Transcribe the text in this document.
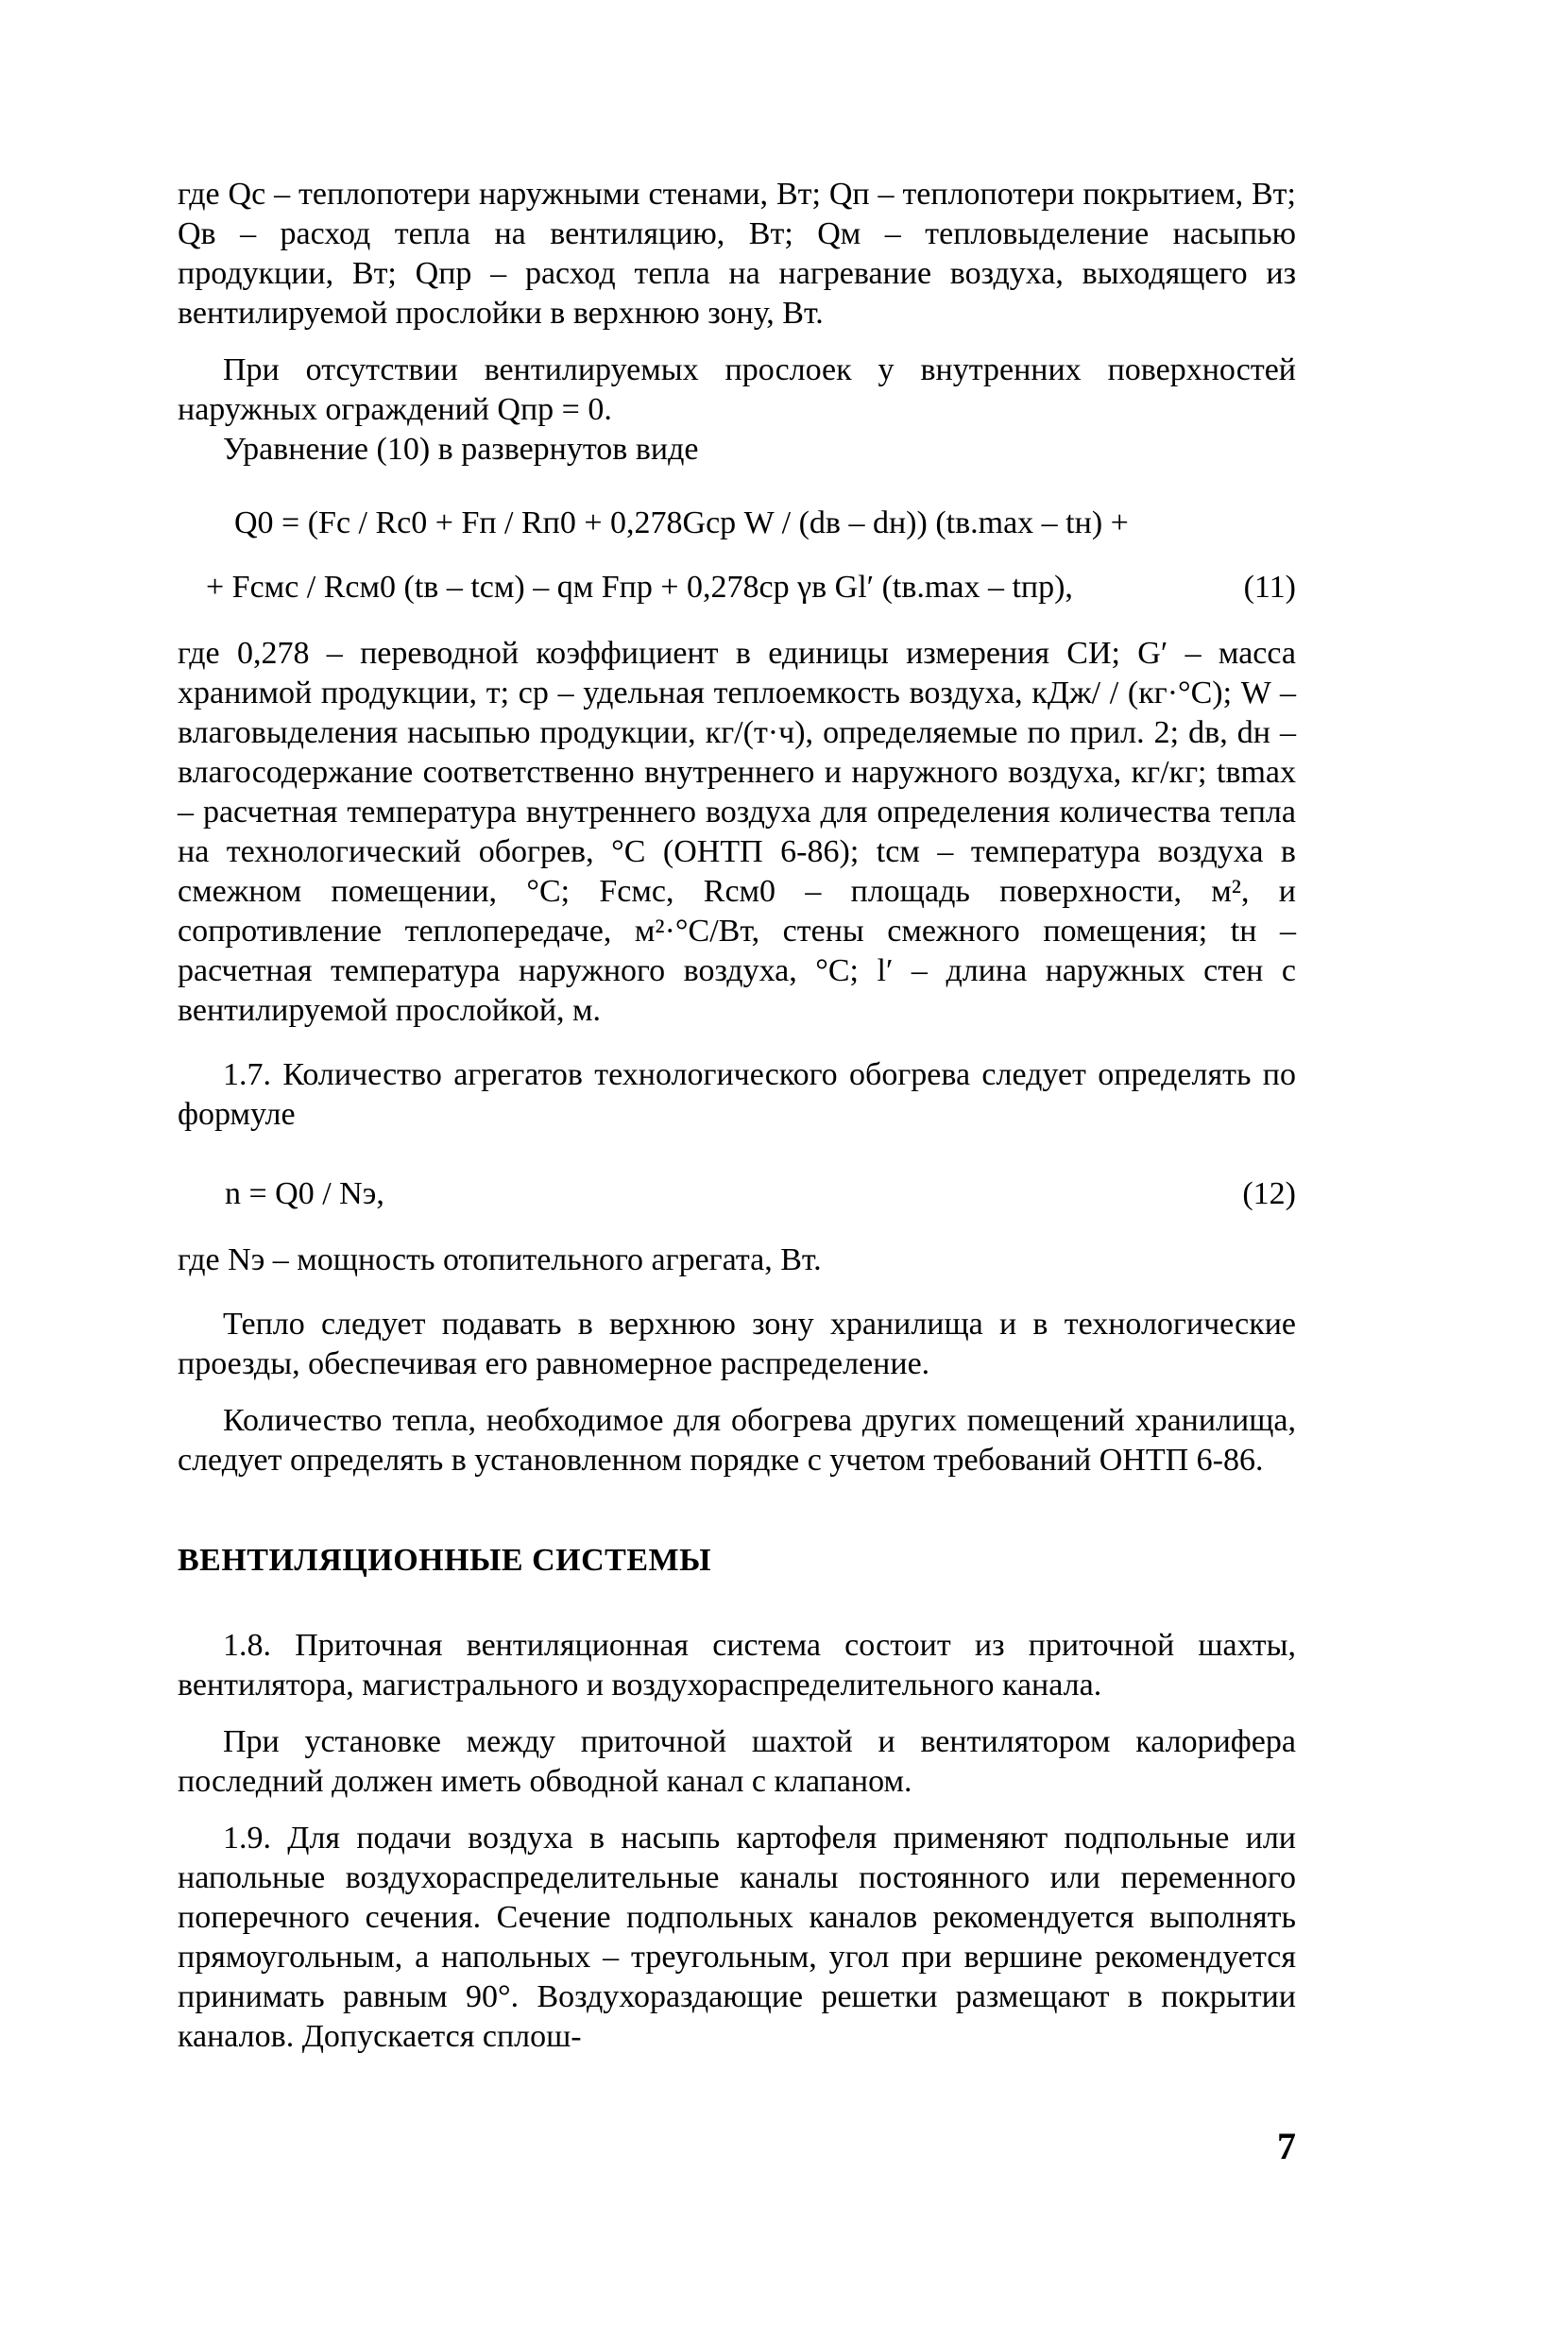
где Qс – теплопотери наружными стенами, Вт; Qп – теплопотери покрытием, Вт; Qв – расход тепла на вентиляцию, Вт; Qм – тепловыделение насыпью продукции, Вт; Qпр – расход тепла на нагревание воздуха, выходящего из вентилируемой прослойки в верхнюю зону, Вт.

При отсутствии вентилируемых прослоек у внутренних поверхностей наружных ограждений Qпр = 0.

Уравнение (10) в развернутов виде

Q0 = (Fс / Rс0 + Fп / Rп0 + 0,278Gcр W / (dв – dн)) (tв.max – tн) +
+ Fсмс / Rсм0 (tв – tсм) – qм Fпр + 0,278cр γв Gl′ (tв.max – tпр),	(11)

где 0,278 – переводной коэффициент в единицы измерения СИ; G′ – масса хранимой продукции, т; cр – удельная теплоемкость воздуха, кДж/ / (кг·°С); W – влаговыделения насыпью продукции, кг/(т·ч), определяемые по прил. 2; dв, dн – влагосодержание соответственно внутреннего и наружного воздуха, кг/кг; tвmax – расчетная температура внутреннего воздуха для определения количества тепла на технологический обогрев, °С (ОНТП 6-86); tсм – температура воздуха в смежном помещении, °С; Fсмс, Rсм0 – площадь поверхности, м², и сопротивление теплопередаче, м²·°С/Вт, стены смежного помещения; tн – расчетная температура наружного воздуха, °С; l′ – длина наружных стен с вентилируемой прослойкой, м.

1.7. Количество агрегатов технологического обогрева следует определять по формуле

n = Q0 / Nэ,	(12)

где Nэ – мощность отопительного агрегата, Вт.

Тепло следует подавать в верхнюю зону хранилища и в технологические проезды, обеспечивая его равномерное распределение.

Количество тепла, необходимое для обогрева других помещений хранилища, следует определять в установленном порядке с учетом требований ОНТП 6-86.

ВЕНТИЛЯЦИОННЫЕ СИСТЕМЫ

1.8. Приточная вентиляционная система состоит из приточной шахты, вентилятора, магистрального и воздухораспределительного канала.

При установке между приточной шахтой и вентилятором калорифера последний должен иметь обводной канал с клапаном.

1.9. Для подачи воздуха в насыпь картофеля применяют подпольные или напольные воздухораспределительные каналы постоянного или переменного поперечного сечения. Сечение подпольных каналов рекомендуется выполнять прямоугольным, а напольных – треугольным, угол при вершине рекомендуется принимать равным 90°. Воздухораздающие решетки размещают в покрытии каналов. Допускается сплош-

7
